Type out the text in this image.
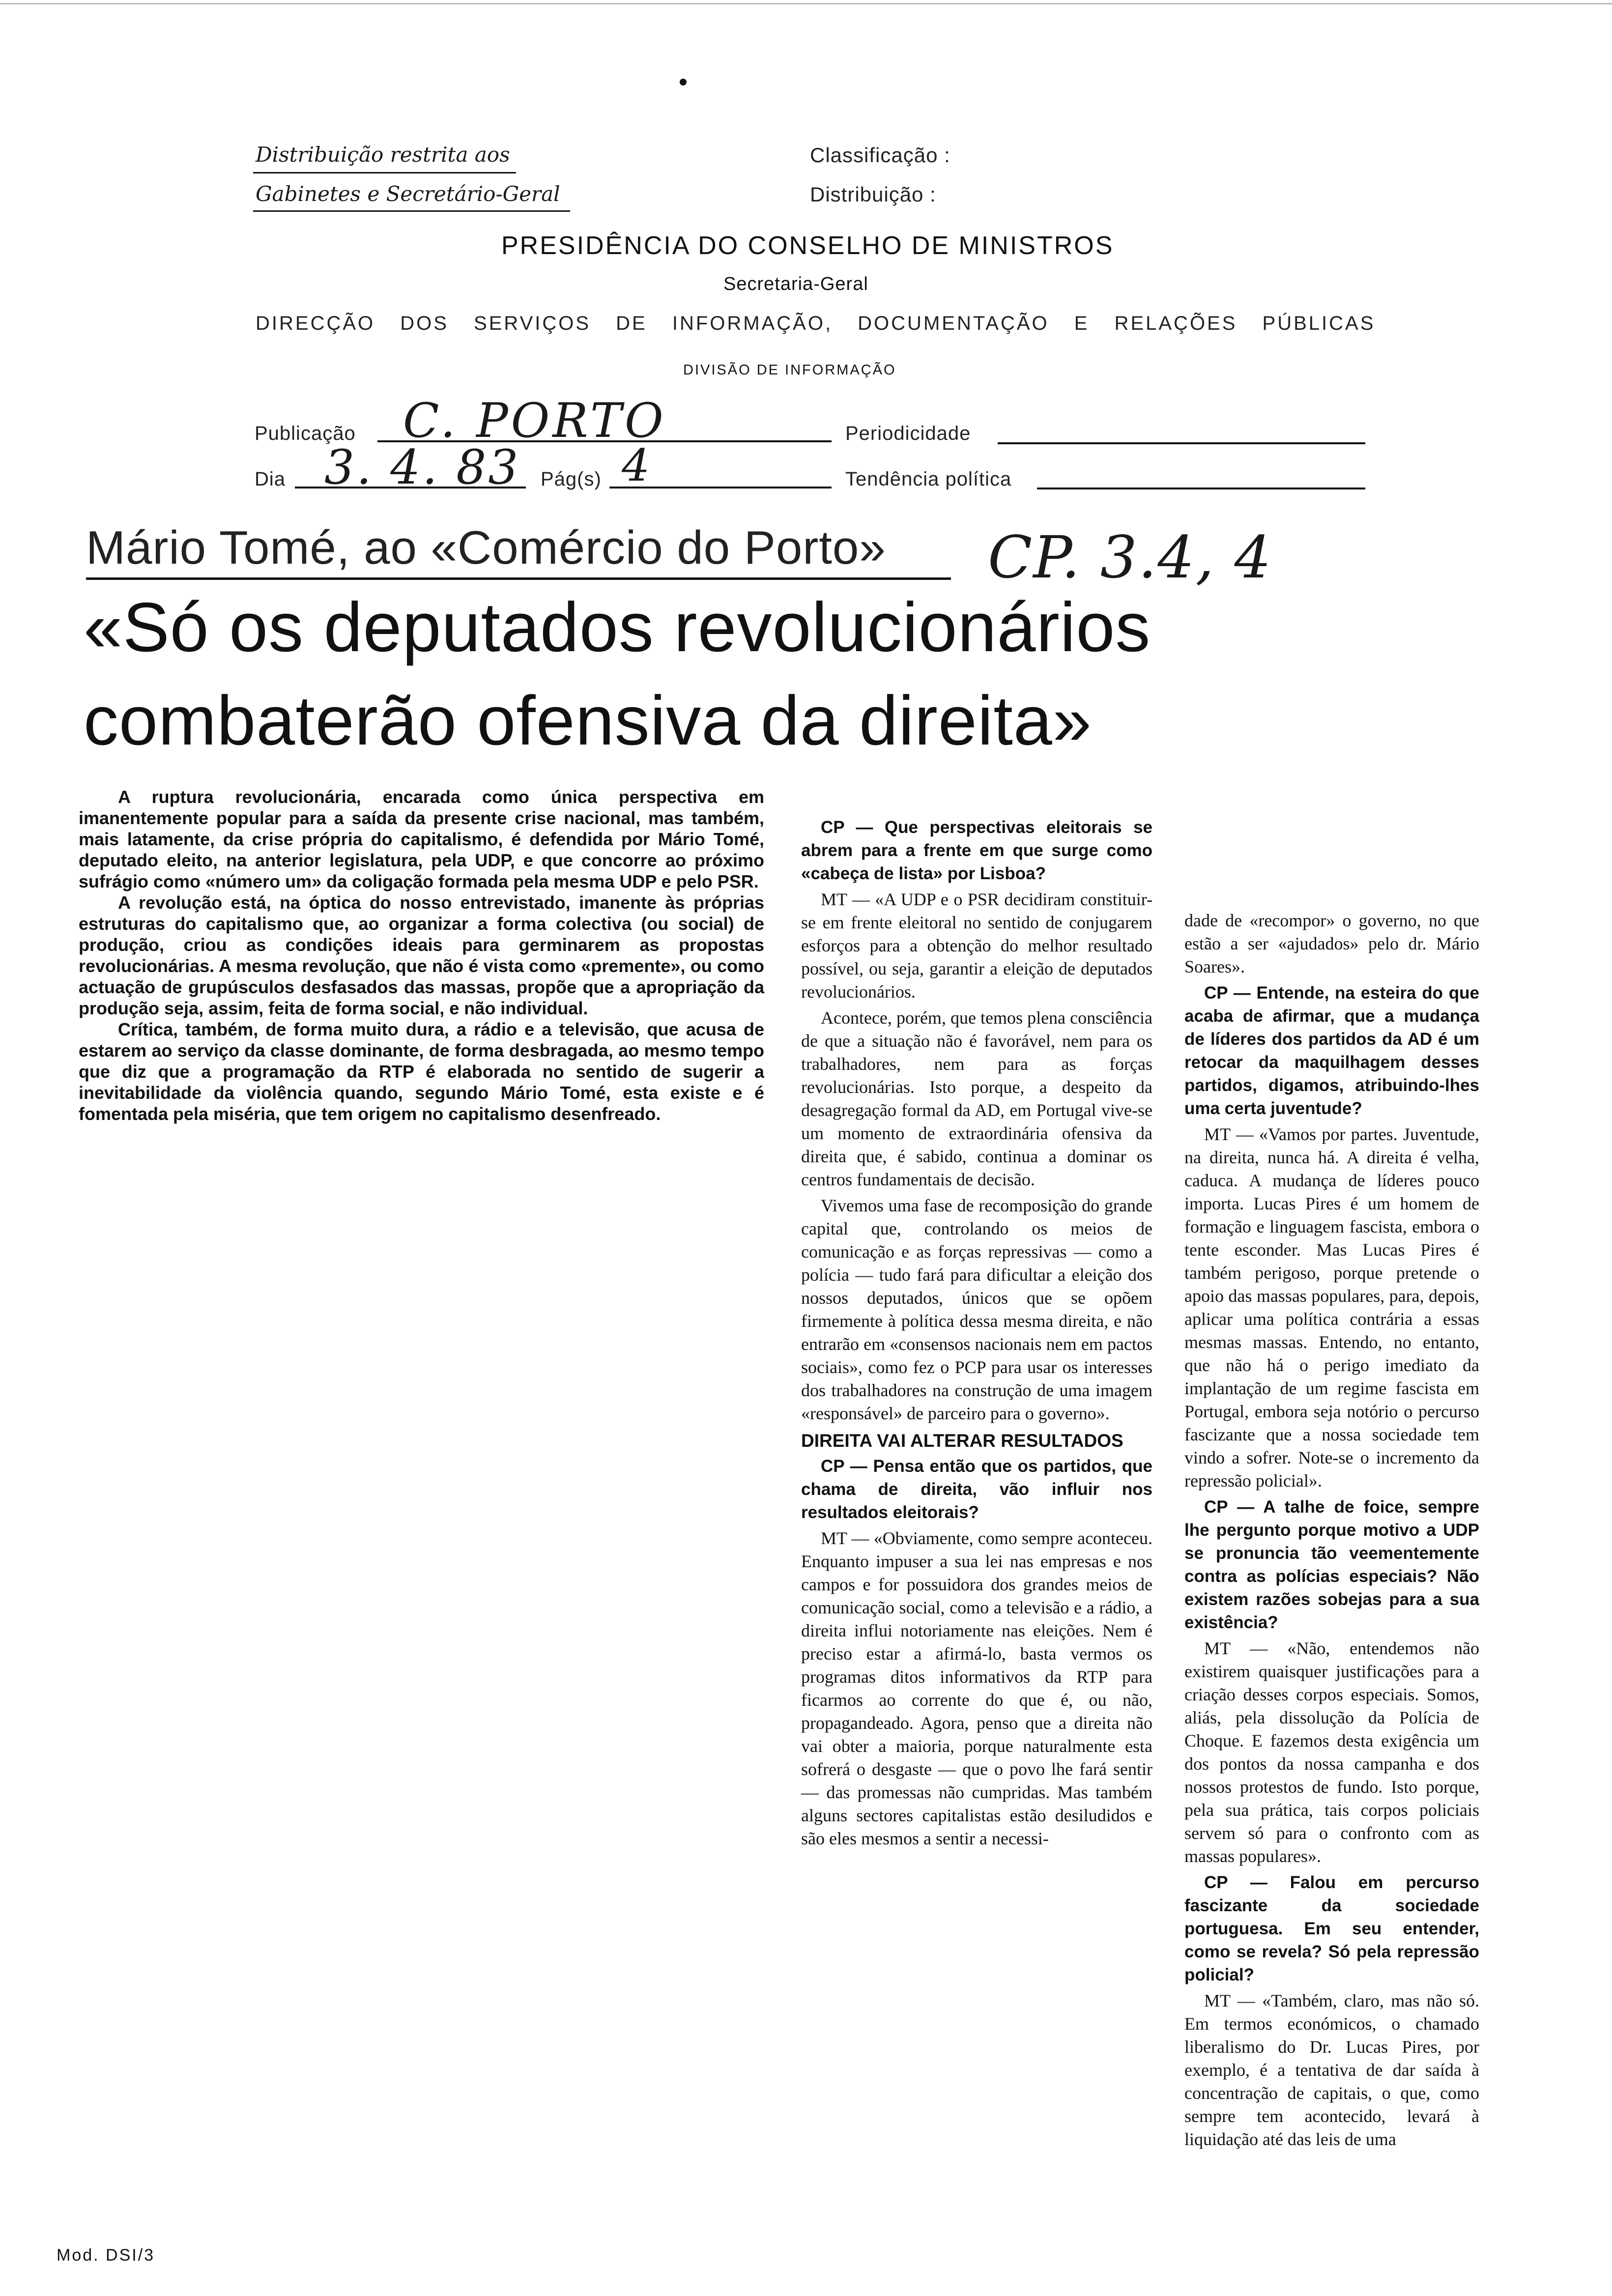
Distribuição restrita aos
Gabinetes e Secretário-Geral
Classificação :
Distribuição :
PRESIDÊNCIA DO CONSELHO DE MINISTROS
Secretaria-Geral
DIRECÇÃO DOS SERVIÇOS DE INFORMAÇÃO, DOCUMENTAÇÃO E RELAÇÕES PÚBLICAS
DIVISÃO DE INFORMAÇÃO
Publicação C. PORTO	Periodicidade
Dia 3. 4. 83 Pág(s) 4	Tendência política
Mário Tomé, ao «Comércio do Porto» CP. 3.4, 4
«Só os deputados revolucionários
combaterão ofensiva da direita»

A ruptura revolucionária, encarada como única perspectiva em imanentemente popular para a saída da presente crise nacional, mas também, mais latamente, da crise própria do capitalismo, é defendida por Mário Tomé, deputado eleito, na anterior legislatura, pela UDP, e que concorre ao próximo sufrágio como «número um» da coligação formada pela mesma UDP e pelo PSR.

A revolução está, na óptica do nosso entrevistado, imanente às próprias estruturas do capitalismo que, ao organizar a forma colectiva (ou social) de produção, criou as condições ideais para germinarem as propostas revolucionárias. A mesma revolução, que não é vista como «premente», ou como actuação de grupúsculos desfasados das massas, propõe que a apropriação da produção seja, assim, feita de forma social, e não individual.

Crítica, também, de forma muito dura, a rádio e a televisão, que acusa de estarem ao serviço da classe dominante, de forma desbragada, ao mesmo tempo que diz que a programação da RTP é elaborada no sentido de sugerir a inevitabilidade da violência quando, segundo Mário Tomé, esta existe e é fomentada pela miséria, que tem origem no capitalismo desenfreado.

CP — Que perspectivas eleitorais se abrem para a frente em que surge como «cabeça de lista» por Lisboa?

MT — «A UDP e o PSR decidiram constituir-se em frente eleitoral no sentido de conjugarem esforços para a obtenção do melhor resultado possível, ou seja, garantir a eleição de deputados revolucionários.

Acontece, porém, que temos plena consciência de que a situação não é favorável, nem para os trabalhadores, nem para as forças revolucionárias. Isto porque, a despeito da desagregação formal da AD, em Portugal vive-se um momento de extraordinária ofensiva da direita que, é sabido, continua a dominar os centros fundamentais de decisão.

Vivemos uma fase de recomposição do grande capital que, controlando os meios de comunicação e as forças repressivas — como a polícia — tudo fará para dificultar a eleição dos nossos deputados, únicos que se opõem firmemente à política dessa mesma direita, e não entrarão em «consensos nacionais nem em pactos sociais», como fez o PCP para usar os interesses dos trabalhadores na construção de uma imagem «responsável» de parceiro para o governo».

DIREITA VAI ALTERAR RESULTADOS

CP — Pensa então que os partidos, que chama de direita, vão influir nos resultados eleitorais?

MT — «Obviamente, como sempre aconteceu. Enquanto impuser a sua lei nas empresas e nos campos e for possuidora dos grandes meios de comunicação social, como a televisão e a rádio, a direita influi notoriamente nas eleições. Nem é preciso estar a afirmá-lo, basta vermos os programas ditos informativos da RTP para ficarmos ao corrente do que é, ou não, propagandeado. Agora, penso que a direita não vai obter a maioria, porque naturalmente esta sofrerá o desgaste — que o povo lhe fará sentir — das promessas não cumpridas. Mas também alguns sectores capitalistas estão desiludidos e são eles mesmos a sentir a necessi-

dade de «recompor» o governo, no que estão a ser «ajudados» pelo dr. Mário Soares».

CP — Entende, na esteira do que acaba de afirmar, que a mudança de líderes dos partidos da AD é um retocar da maquilhagem desses partidos, digamos, atribuindo-lhes uma certa juventude?

MT — «Vamos por partes. Juventude, na direita, nunca há. A direita é velha, caduca. A mudança de líderes pouco importa. Lucas Pires é um homem de formação e linguagem fascista, embora o tente esconder. Mas Lucas Pires é também perigoso, porque pretende o apoio das massas populares, para, depois, aplicar uma política contrária a essas mesmas massas. Entendo, no entanto, que não há o perigo imediato da implantação de um regime fascista em Portugal, embora seja notório o percurso fascizante que a nossa sociedade tem vindo a sofrer. Note-se o incremento da repressão policial».

CP — A talhe de foice, sempre lhe pergunto porque motivo a UDP se pronuncia tão veementemente contra as polícias especiais? Não existem razões sobejas para a sua existência?

MT — «Não, entendemos não existirem quaisquer justificações para a criação desses corpos especiais. Somos, aliás, pela dissolução da Polícia de Choque. E fazemos desta exigência um dos pontos da nossa campanha e dos nossos protestos de fundo. Isto porque, pela sua prática, tais corpos policiais servem só para o confronto com as massas populares».

CP — Falou em percurso fascizante da sociedade portuguesa. Em seu entender, como se revela? Só pela repressão policial?

MT — «Também, claro, mas não só. Em termos económicos, o chamado liberalismo do Dr. Lucas Pires, por exemplo, é a tentativa de dar saída à concentração de capitais, o que, como sempre tem acontecido, levará à liquidação até das leis de uma

Mod. DSI/3
